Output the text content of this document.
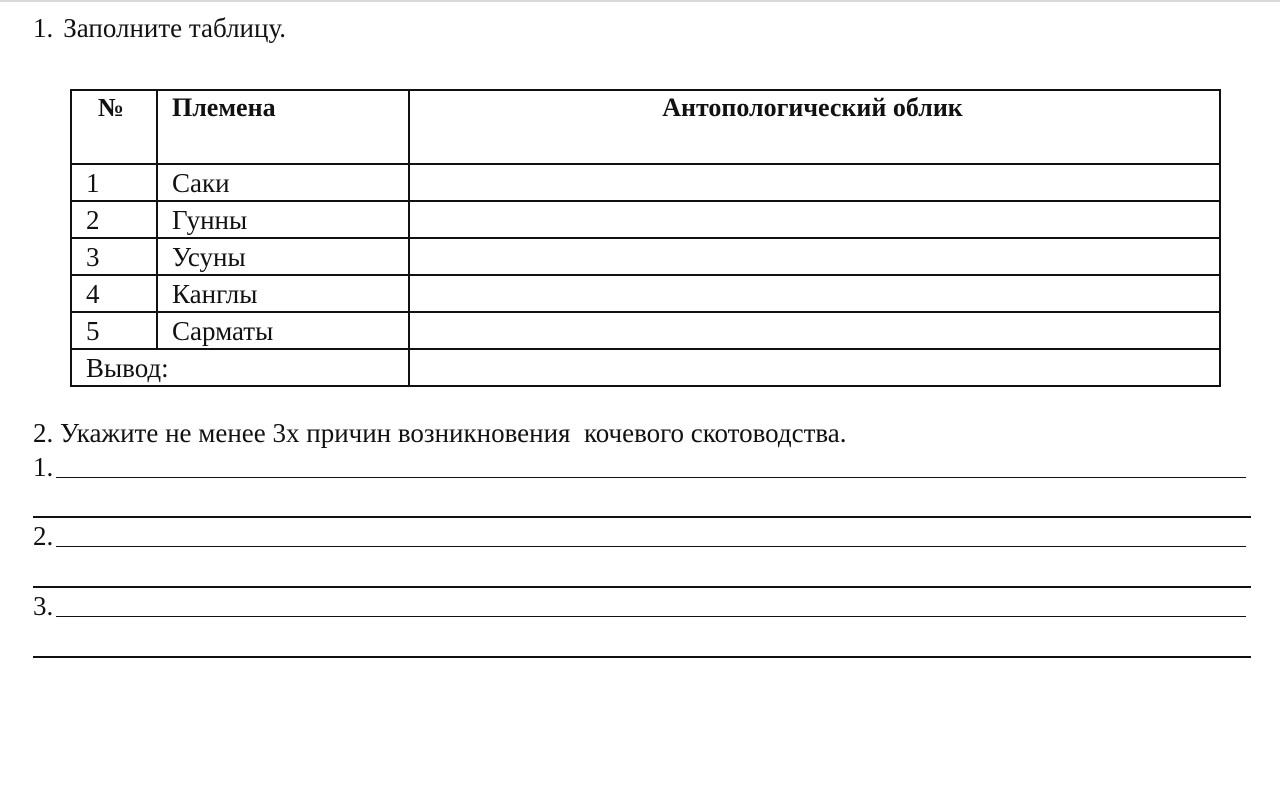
1. Заполните таблицу.
№	Племена	Антопологический облик
1	Саки	
2	Гунны	
3	Усуны	
4	Канглы	
5	Сарматы	
Вывод:		
2. Укажите не менее 3х причин возникновения  кочевого скотоводства.
1.
2.
3.
